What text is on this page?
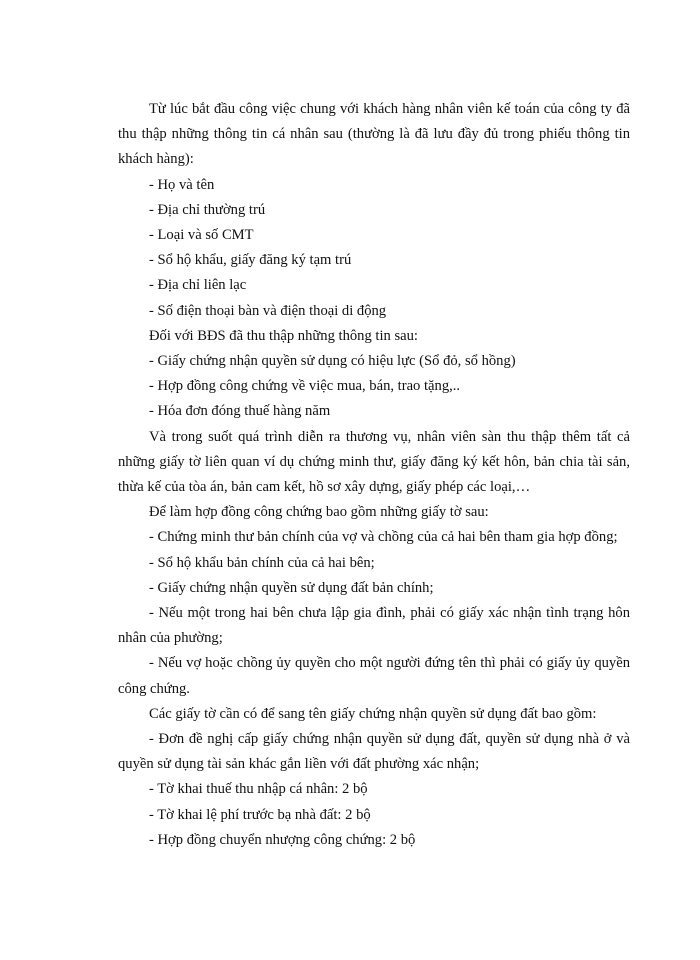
Từ lúc bắt đầu công việc chung với khách hàng nhân viên kế toán của công ty đã thu thập những thông tin cá nhân sau (thường là đã lưu đầy đủ trong phiếu thông tin khách hàng):

- Họ và tên

- Địa chỉ thường trú

- Loại và số CMT

- Sổ hộ khẩu, giấy đăng ký tạm trú

- Địa chỉ liên lạc

- Số điện thoại bàn và điện thoại di động

Đối với BĐS đã thu thập những thông tin sau:

- Giấy chứng nhận quyền sử dụng có hiệu lực (Sổ đỏ, sổ hồng)

- Hợp đồng công chứng về việc mua, bán, trao tặng,..

- Hóa đơn đóng thuế hàng năm

Và trong suốt quá trình diễn ra thương vụ, nhân viên sàn thu thập thêm tất cả những giấy tờ liên quan ví dụ chứng minh thư, giấy đăng ký kết hôn, bản chia tài sản, thừa kế của tòa án, bản cam kết, hồ sơ xây dựng, giấy phép các loại,…

Để làm hợp đồng công chứng bao gồm những giấy tờ sau:

- Chứng minh thư bản chính của vợ và chồng của cả hai bên tham gia hợp đồng;

- Sổ hộ khẩu bản chính của cả hai bên;

- Giấy chứng nhận quyền sử dụng đất bản chính;

- Nếu một trong hai bên chưa lập gia đình, phải có giấy xác nhận tình trạng hôn nhân của phường;

- Nếu vợ hoặc chồng ủy quyền cho một người đứng tên thì phải có giấy ủy quyền công chứng.

Các giấy tờ cần có để sang tên giấy chứng nhận quyền sử dụng đất bao gồm:

- Đơn đề nghị cấp giấy chứng nhận quyền sử dụng đất, quyền sử dụng nhà ở và quyền sử dụng tài sản khác gắn liền với đất phường xác nhận;

- Tờ khai thuế thu nhập cá nhân: 2 bộ

- Tờ khai lệ phí trước bạ nhà đất: 2 bộ

- Hợp đồng chuyển nhượng công chứng: 2 bộ
